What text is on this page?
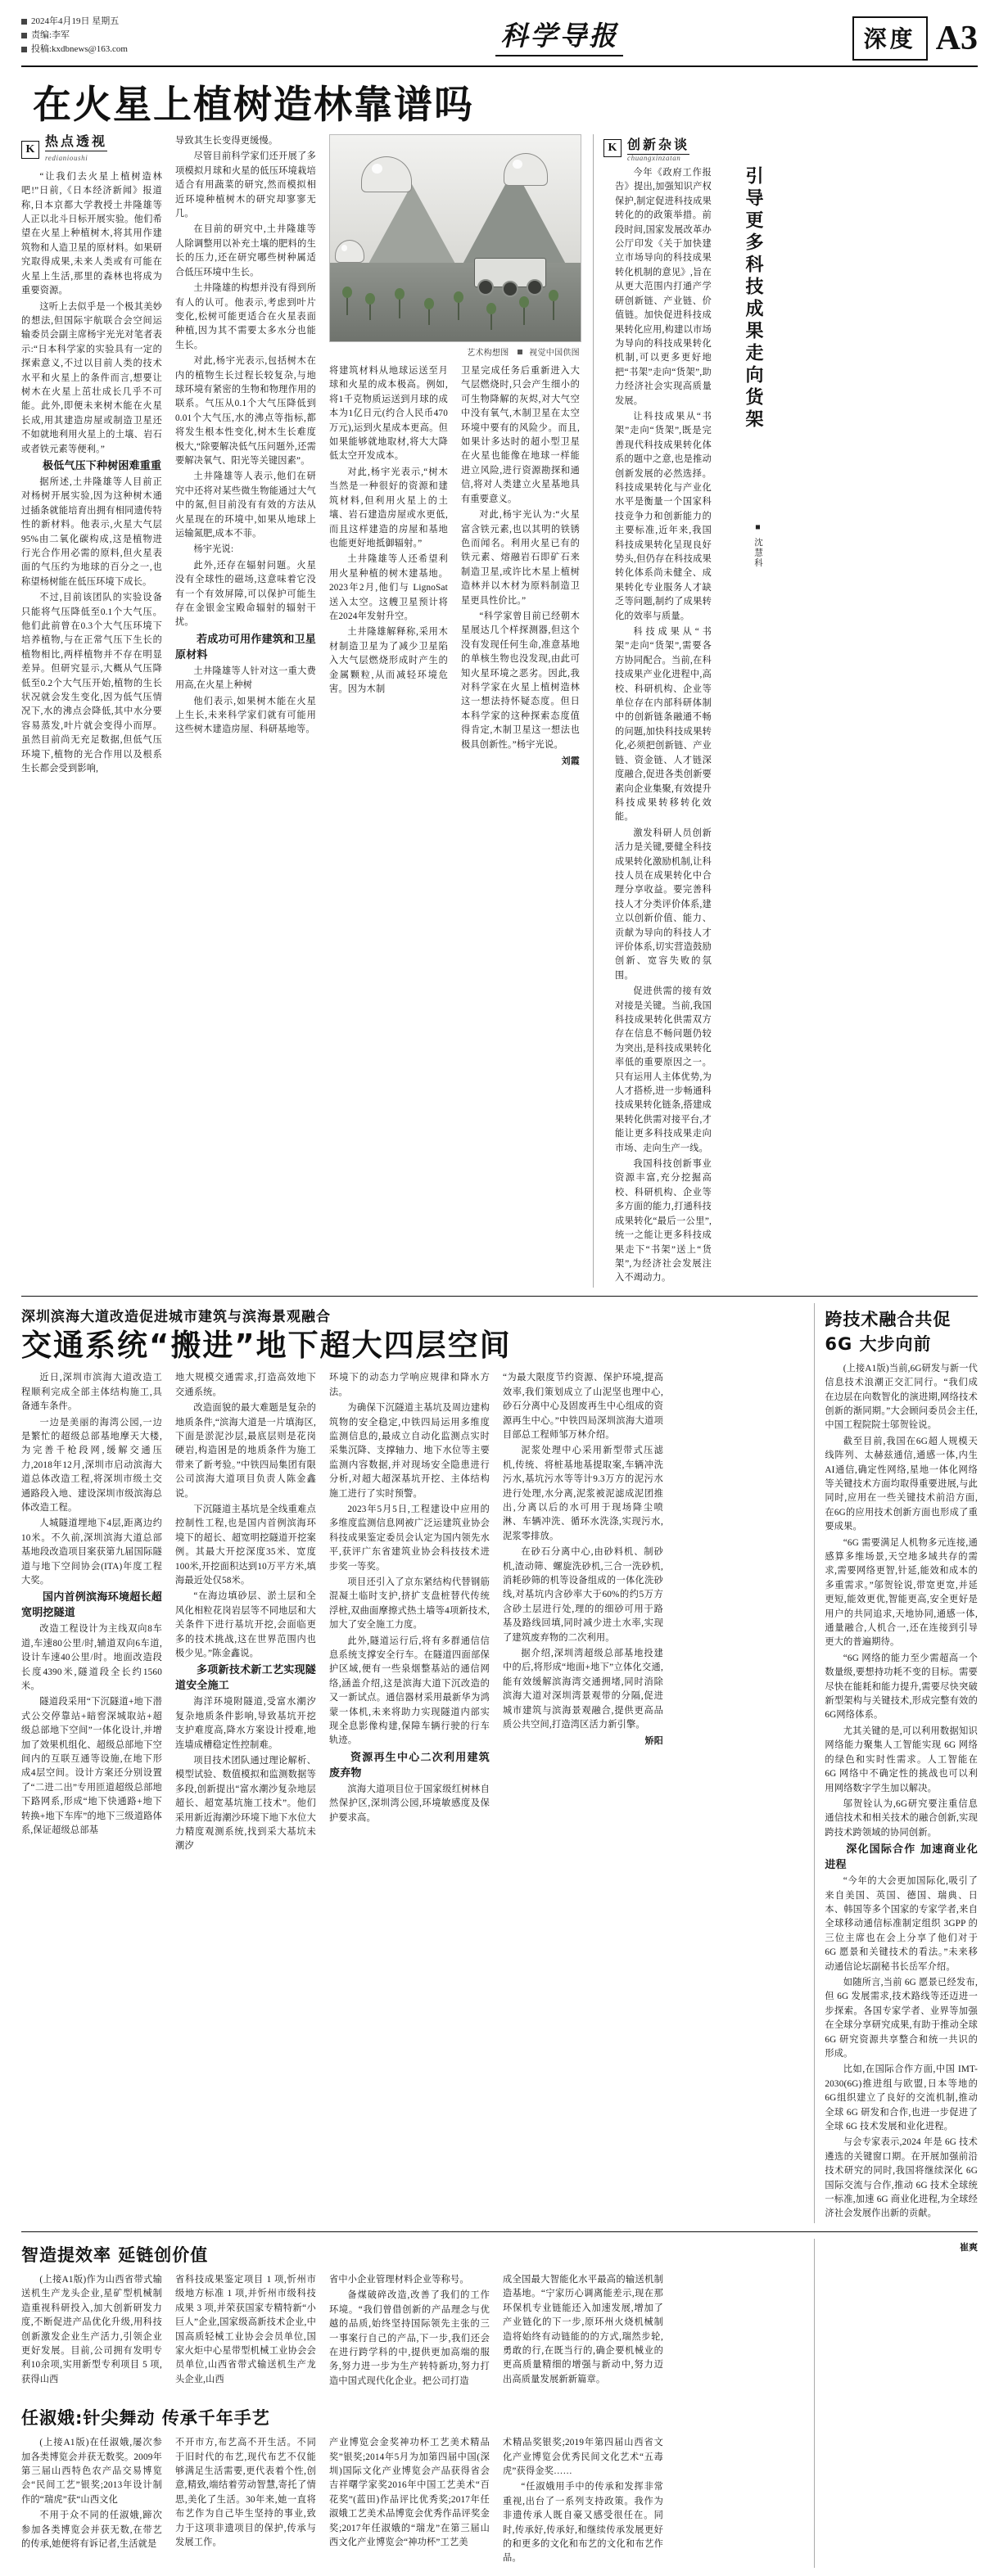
2024年4月19日 星期五
责编:李军
投稿:kxdbnews@163.com	科学导报	深度 A3
在火星上植树造林靠谱吗
K
热点透视
redianioushi

“让我们去火星上植树造林吧!”日前,《日本经济新闻》报道称,日本京都大学教授土井隆雄等人正以北斗日标开展实验。他们希望在火星上种植树木,将其用作建筑物和人造卫星的原材料。如果研究取得成果,未来人类或有可能在火星上生活,那里的森林也将成为重要资源。

这听上去似乎是一个极其美妙的想法,但国际宇航联合会空间运输委员会副主席杨宇光光对笔者表示:“日本科学家的实验具有一定的探索意义,不过以目前人类的技术水平和火星上的条件而言,想要让树木在火星上茁壮成长几乎不可能。此外,即便未来树木能在火星长成,用其建造房屋或制造卫星还不如就地利用火星上的土壤、岩石或者铁元素等便利。”

极低气压下种树困难重重

据所述,土井隆雄等人目前正对杨树开展实验,因为这种树木通过插条就能培育出拥有相同遗传特性的新材料。他表示,火星大气层95%由二氧化碳构成,这是植物进行光合作用必需的原料,但火星表面的气压约为地球的百分之一,也称望杨树能在低压环境下成长。

不过,目前该团队的实验设备只能将气压降低至0.1个大气压。他们此前曾在0.3个大气压环境下培养植物,与在正常气压下生长的植物相比,两样植物并不存在明显差异。但研究显示,大概从气压降低至0.2个大气压开始,植物的生长状况就会发生变化,因为低气压情况下,水的沸点会降低,其中水分要容易蒸发,叶片就会变得小而厚。虽然目前尚无充足数据,但低气压环境下,植物的光合作用以及根系生长都会受到影响,

导致其生长变得更缓慢。

尽管目前科学家们还开展了多项模拟月球和火星的低压环境栽培适合有用蔬菜的研究,然而模拟相近环境种植树木的研究却寥寥无几。

在目前的研究中,土井隆雄等人除调整用以补充土壤的肥料的生长的压力,还在研究哪些树种属适合低压环境中生长。

土井隆雄的构想并没有得到所有人的认可。他表示,考虑到叶片变化,松树可能更适合在火星表面种植,因为其不需要太多水分也能生长。

对此,杨宇光表示,包括树木在内的植物生长过程长较复杂,与地球环境有紧密的生物和物理作用的联系。气压从0.1个大气压降低到0.01个大气压,水的沸点等指标,都将发生根本性变化,树木生长难度极大,“除要解决低气压问题外,还需要解决氧气、阳光等关键因素”。

土井隆雄等人表示,他们在研究中还将对某些微生物能通过大气中的氮,但目前没有有效的方法从火星现在的环境中,如果从地球上运输氮肥,成本不菲。

杨宇光说:

此外,还存在辐射问题。火星没有全球性的磁场,这意味着它没有一个有效屏障,可以保护可能生存在金银金宝殿命辐射的辐射干扰。

若成功可用作建筑和卫星原材料

土井隆雄等人针对这一重大费用高,在火星上种树

他们表示,如果树木能在火星上生长,未来科学家们就有可能用这些树木建造房屋、科研基地等。

艺术构想图 视觉中国供图

将建筑材料从地球运送至月球和火星的成本极高。例如,将1千克物质运送到月球的成本为1亿日元(约合人民币470万元),运到火星成本更高。但如果能够就地取材,将大大降低太空开发成本。

对此,杨宇光表示,“树木当然是一种很好的资源和建筑材料,但利用火星上的土壤、岩石建造房屋或水更低,而且这样建造的房屋和基地也能更好地抵御辐射。”

土井隆雄等人还希望利用火星种植的树木建基地。2023年2月,他们与 LignoSat 送入太空。这艘卫星预计将在2024年发射升空。

土井隆雄解释称,采用木材制造卫星为了减少卫星陷入大气层燃烧形成时产生的金属颗粒,从而减轻环境危害。因为木制

卫星完成任务后重新进入大气层燃烧时,只会产生细小的可生物降解的灰烬,对大气空中没有氧气,木制卫星在太空环境中要有的风险少。而且,如果计多达时的超小型卫星在火星也能像在地球一样能进立风险,进行资源勘探和通信,将对人类建立火星基地具有重要意义。

对此,杨宇光认为:“火星富含铁元素,也以其明的铁锈色而闻名。利用火星已有的铁元素、熔融岩石即矿石来制造卫星,或许比木星上植树造林并以木材为原料制造卫星更具性价比。”

“科学家曾目前已经朝木星展达几个样探测器,但这个没有发现任何生命,准意基地的单核生物也没发现,由此可知火星环境之恶劣。因此,我对科学家在火星上植树造林这一想法持怀疑态度。但日本科学家的这种探索态度值得肯定,木制卫星这一想法也极具创新性。”杨宇光说。

刘霞
K 创新杂谈
chuangxinzatan
引导更多科技成果走向货架
■ 沈慧科

今年《政府工作报告》提出,加强知识产权保护,制定促进科技成果转化的的政策举措。前段时间,国家发展改革办公厅印发《关于加快建立市场导向的科技成果转化机制的意见》,旨在从更大范围内打通产学研创新链、产业链、价值链。加快促进科技成果转化应用,构建以市场为导向的科技成果转化机制,可以更多更好地把“书架”走向“货架”,助力经济社会实现高质量发展。

让科技成果从“书架”走向“货架”,既是完善现代科技成果转化体系的题中之意,也是推动创新发展的必然选择。科技成果转化与产业化水平是衡量一个国家科技竞争力和创新能力的主要标准,近年来,我国科技成果转化呈现良好势头,但仍存在科技成果转化体系尚未健全、成果转化专业服务人才缺乏等问题,制约了成果转化的效率与质量。

科技成果从“书架”走向“货架”,需要各方协同配合。当前,在科技成果产业化进程中,高校、科研机构、企业等单位存在内部科研体制中的创新链条融通不畅的问题,加快科技成果转化,必须把创新链、产业链、资金链、人才链深度融合,促进各类创新要素向企业集聚,有效提升科技成果转移转化效能。

激发科研人员创新活力是关键,要健全科技成果转化激励机制,让科技人员在成果转化中合理分享收益。要完善科技人才分类评价体系,建立以创新价值、能力、贡献为导向的科技人才评价体系,切实营造鼓励创新、宽容失败的氛围。

促进供需的接有效对接是关键。当前,我国科技成果转化供需双方存在信息不畅问题仍较为突出,是科技成果转化率低的重要原因之一。只有运用人主体优势,为人才搭桥,进一步畅通科技成果转化链条,搭建成果转化供需对接平台,才能让更多科技成果走向市场、走向生产一线。

我国科技创新事业资源丰富,充分挖掘高校、科研机构、企业等多方面的能力,打通科技成果转化“最后一公里”,统一之能让更多科技成果走下“书架”送上“货架”,为经济社会发展注入不竭动力。

深圳滨海大道改造促进城市建筑与滨海景观融合
交通系统“搬进”地下超大四层空间

近日,深圳市滨海大道改造工程顺利完成全部主体结构施工,具备通车条件。

一边是美丽的海湾公园,一边是繁忙的超级总部基地摩天大楼,为完善千枪段网,缓解交通压力,2018年12月,深圳市启动滨海大道总体改造工程,将深圳市级土交通路段入地、建设深圳市级滨海总体改造工程。

人城隧道埋地下4层,距离边约10米。不久前,深圳滨海大道总部基地段改造项目案获第九届国际隧道与地下空间协会(ITA)年度工程大奖。

国内首例滨海环境超长超宽明挖隧道

改造工程设计为主线双向8车道,车速80公里/时,辅道双向6车道,设计车速40公里/时。地面改造段长度4390米,隧道段全长约1560米。

隧道段采用“下沉隧道+地下潜式公交停靠站+暗窖深城取站+超级总部地下空间”一体化设计,并增加了效果机组化、超级总部地下空间内的互联互通等设施,在地下形成4层空间。设计方案还分别设置了“二进二出”专用匝道超级总部地下路网系,形成“地下快通路+地下转换+地下车库”的地下三级道路体系,保证超级总部基

地大规模交通需求,打造高效地下交通系统。

改造面貌的最大难题是复杂的地质条件,“滨海大道是一片填海区,下面是淤泥沙层,最底层则是花岗硬岩,构造困是的地质条件为施工带来了新考验。”中铁四局集团有限公司滨海大道项目负责人陈金鑫说。

下沉隧道主基坑是全线重难点控制性工程,也是国内首例滨海环境下的超长、超宽明挖隧道开挖案例。其最大开挖深度35米、宽度100米,开挖面积达到10万平方米,填海最近处仅58米。

“在海边填砂层、淤土层和全风化相粒花岗岩层等不同地层和大关条件下进行基坑开挖,会面临更多的技术挑战,这在世界范围内也极少见。”陈金鑫说。

多项新技术新工艺实现隧道安全施工

海洋环境附隧道,受富水潮汐复杂地质条件影响,导致基坑开挖支护难度高,降水方案设计授难,地连墙成槽稳定性控制难。

项目技术团队通过理论解析、模型试验、数值模拟和监测数据等多段,创新提出“富水潮沙复杂地层超长、超宽基坑施工技术”。他们采用新近海潮沙环境下地下水位大力精度观测系统,找到采大基坑未潮汐

环境下的动态力学响应规律和降水方法。

为确保下沉隧道主基坑及周边建构筑物的安全稳定,中铁四局运用多维度监测信息的,最成立自动化监测点实时采集沉降、支撑轴力、地下水位等主要监测内容数据,并对现场安全隐患进行分析,对超大超深基坑开挖、主体结构施工进行了实时预警。

2023年5月5日,工程建设中应用的多维度监测信息网被广泛运建筑业协会科技成果鉴定委员会认定为国内领先水平,获评广东省建筑业协会科技技术进步奖一等奖。

项目还引入了京东紧结构代替钢筋混凝土临时支护,挤扩支盘桩替代传统浮桩,双曲面摩擦式热土墙等4项新技术,加大了安全施工力度。

此外,隧道运行后,将有多群通信信息系统支撑安全行车。在隧道四面部保护区域,便有一些泉烟整基站的通信网络,涵盖介绍,这是滨海大道下沉改造的又一新试点。通信器材采用最新华为鸿蒙一体机,未来将助力实现隧道内部实现全息影像构建,保障车辆行驶的行车轨迹。

资源再生中心二次利用建筑废弃物

滨海大道项目位于国家级红树林自然保护区,深圳湾公园,环境敏感度及保护要求高。

“为最大限度节约资源、保护环境,提高效率,我们策划成立了山泥坚也理中心,砂石分离中心及固废再生中心组成的资源再生中心。”中铁四局深圳滨海大道项目部总工程师邹万林介绍。

泥浆处理中心采用新型带式压滤机,传统、将桩基地基提取案,车辆冲洗污水,基坑污水等等计9.3万方的泥污水进行处理,水分离,泥浆被泥滤成泥团推出,分离以后的水可用于现场降尘喷淋、车辆冲洗、循环水洗涤,实现污水,泥浆零排放。

在砂石分离中心,由砂料机、制砂机,渣动筛、螺旋洗砂机,三合一洗砂机,消耗砂筛的机等设备组成的一体化洗砂线,对基坑内含砂率大于60%的约5万方含砂土层进行处,理的的细砂可用于路基及路线回填,同时减少进土水率,实现了建筑废弃物的二次利用。

据介绍,深圳湾超级总部基地投建中的后,将形成“地面+地下”立体化交通,能有效缓解滨海湾交通拥堵,同时消除滨海大道对深圳湾景观带的分隔,促进城市建筑与滨海景观融合,提供更高品质公共空间,打造湾区活力新引擎。

矫阳
跨技术融合共促 6G 大步向前

(上接A1版)当前,6G研发与新一代信息技术浪潮正交汇同行。“我们成在边层在向数智化的演进期,网络技术创新的渐同期。”大会顾问委员会主任,中国工程院院士邬贺铨说。

截至目前,我国在6G超人规模天线阵列、太赫兹通信,通感一体,内生AI通信,确定性网络,星地一体化网络等关键技术方面均取得重要进展,与此同时,应用在一些关键技术前沿方面,在6G的应用技术创新方面也形成了重要成果。

“6G 需要满足人机物多元连接,通感算多维场景,天空地多域共存的需求,需要网络更智,针延,能效和成本的多重需求。”邬贺铨说,带宽更宽,并延更短,能效更优,智能更高,安全更好是用户的共同追求,天地协同,通感一体,通量融合,人机合一,还在连接到引导更大的普遍期待。

“6G 网络的能力至少需超高一个数量级,要想持功耗不变的目标。需要尽快在能耗和能力提升,需要尽快突破新型架构与关键技术,形成完整有效的6G网络体系。

尤其关键的是,可以利用数据知识网络能力聚集人工智能实现 6G 网络的绿色和实时性需求。人工智能在 6G 网络中不确定性的挑战也可以利用网络数字学生加以解决。

邬贺铨认为,6G研究要注重信息通信技术和相关技术的融合创新,实现跨技术跨领域的协同创新。

深化国际合作 加速商业化进程

“今年的大会更加国际化,吸引了来自美国、英国、德国、瑞典、日本、韩国等多个国家的专家学者,来自全球移动通信标准制定组织 3GPP 的三位主席也在会上分享了他们对于 6G 愿景和关键技术的看法。”未来移动通信论坛副秘书长岳军介绍。

如随所言,当前 6G 愿景已经发布,但 6G 发展需求,技术路线等还迈进一步探索。各国专家学者、业界等加强在全球分享研究成果,有助于推动全球 6G 研究资源共享整合和统一共识的形成。

比如,在国际合作方面,中国 IMT-2030(6G)推进组与欧盟,日本等地的6G组织建立了良好的交流机制,推动全球 6G 研发和合作,也进一步促进了全球 6G 技术发展和业化进程。

与会专家表示,2024 年是 6G 技术遴选的关键窗口期。在开展加强前沿技术研究的同时,我国将继续深化 6G 国际交流与合作,推动 6G 技术全球统一标准,加速 6G 商业化进程,为全球经济社会发展作出新的贡献。

智造提效率 延链创价值

(上接A1版)作为山西省带式输送机生产龙头企业,星矿型机械制造重视科研投入,加大创新研发力度,不断促进产品优化升级,用科技创新激发企业生产活力,引领企业更好发展。目前,公司拥有发明专利10余项,实用新型专利项目 5 项,获得山西

省科技成果鉴定项目 1 项,忻州市级地方标准 1 项,并忻州市级科技成果 3 项,并荣获国家专精特新“小巨人”企业,国家级高新技术企业,中国高质轻械工业协会会员单位,国家火炬中心星带型机械工业协会会员单位,山西省带式输送机生产龙头企业,山西

省中小企业管理材料企业等称号。

备煤破碎改造,改善了我们的工作环境。“我们曾借创新的产品理念与优越的品质,始终坚持国际领先主张的三一事案行自己的产品,下一步,我们还会在进行跨学科的中,提供更加高端的服务,努力进一步为生产转特新功,努力打造中国式现代化企业。把公司打造

成全国最大智能化水平最高的输送机制造基地。“宁家历心调离能差示,现在那环保机专业链能还入加速发展,增加了产业链化的下一步,原环州火烧机械制造将始终有动链能的的方式,瑞然步轮,勇敢的行,在既当行的,确企要机械业的更高质量精细的增强与新动中,努力迈出高质量发展新新篇章。

任淑娥:针尖舞动 传承千年手艺

(上接A1版)在任淑娥,屡次参加各类博览会并获无数奖。2009年第三届山西特色农产品交易博览会“民间工艺”银奖;2013年设计制作的“瑞虎”获“山西文化

不用于众不同的任淑娥,蹄次参加各类博览会并获无数,在带艺的传承,她便将有诉记者,生活就是

不开市方,布艺高不开生活。不同于旧时代的布艺,现代布艺不仅能够满足生活需要,更代表着个性,创意,精致,端结着劳动智慧,寄托了情思,美化了生活。30年来,她一直将布艺作为自己毕生坚持的事业,致力于这项非遗项目的保护,传承与发展工作。

产业博览会金奖神功杯工艺美术精品奖”银奖;2014年5月为加第四届中国(深圳)国际文化产业博览会产品获得省会吉祥曙学家奖2016年中国工艺美术“百花奖”(蓝田)作品评比优秀奖;2017年任淑娥工艺美术品博览会优秀作品评奖金奖;2017年任淑娥的“瑞龙”在第三届山西文化产业博览会“神功杯”工艺美

术精品奖银奖;2019年第四届山西省文化产业博览会优秀民间文化艺术“五毒虎”获得金奖……

“任淑娥用手中的传承和发挥非常重视,出台了一系列支持政策。我作为非遗传承人既自豪又感受很任在。同时,传承好,传承好,和继续传承发展更好的和更多的文化和布艺的文化和布艺作品。

崔爽
